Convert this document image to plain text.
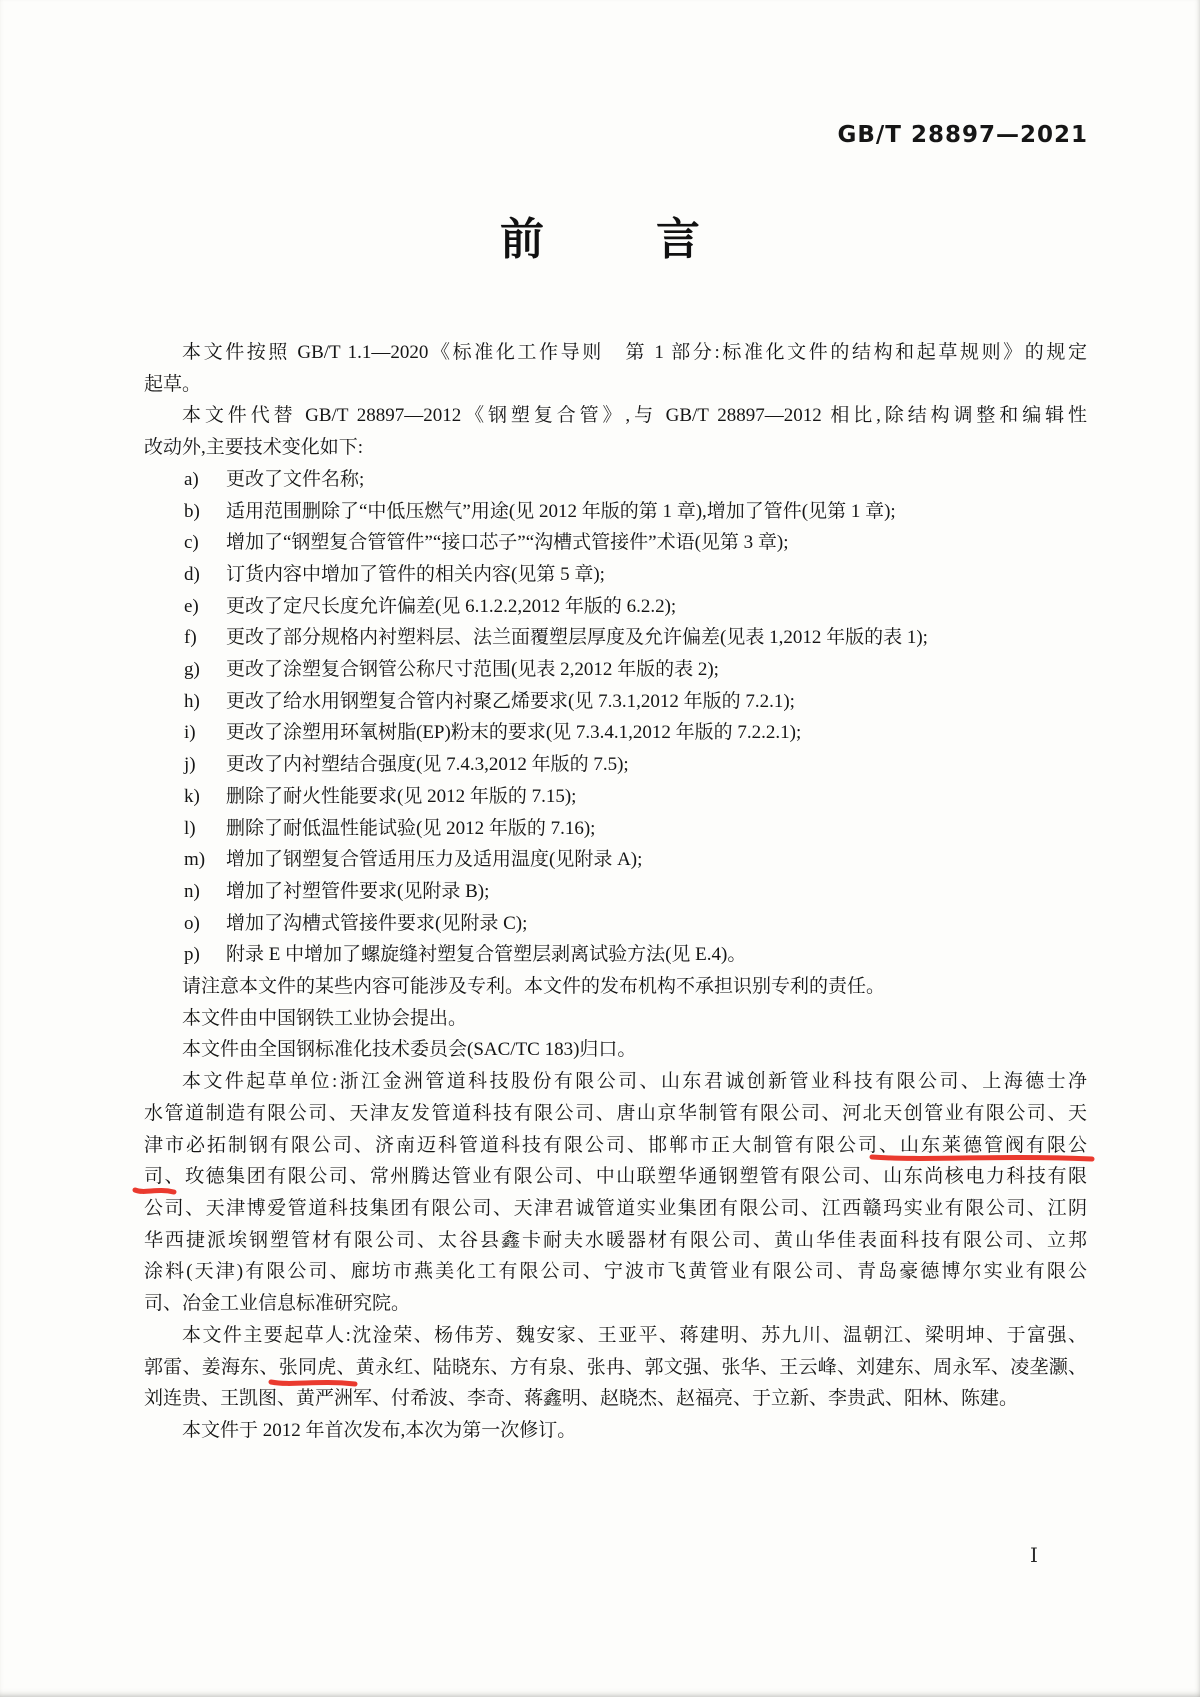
GB/T 28897—2021
前	言
本文件按照 GB/T 1.1—2020《标准化工作导则　第 1 部分:标准化文件的结构和起草规则》的规定
起草。
本文件代替 GB/T 28897—2012《钢塑复合管》,与 GB/T 28897—2012 相比,除结构调整和编辑性
改动外,主要技术变化如下:
a) 更改了文件名称;
b) 适用范围删除了“中低压燃气”用途(见 2012 年版的第 1 章),增加了管件(见第 1 章);
c) 增加了“钢塑复合管管件”“接口芯子”“沟槽式管接件”术语(见第 3 章);
d) 订货内容中增加了管件的相关内容(见第 5 章);
e) 更改了定尺长度允许偏差(见 6.1.2.2,2012 年版的 6.2.2);
f) 更改了部分规格内衬塑料层、法兰面覆塑层厚度及允许偏差(见表 1,2012 年版的表 1);
g) 更改了涂塑复合钢管公称尺寸范围(见表 2,2012 年版的表 2);
h) 更改了给水用钢塑复合管内衬聚乙烯要求(见 7.3.1,2012 年版的 7.2.1);
i) 更改了涂塑用环氧树脂(EP)粉末的要求(见 7.3.4.1,2012 年版的 7.2.2.1);
j) 更改了内衬塑结合强度(见 7.4.3,2012 年版的 7.5);
k) 删除了耐火性能要求(见 2012 年版的 7.15);
l) 删除了耐低温性能试验(见 2012 年版的 7.16);
m) 增加了钢塑复合管适用压力及适用温度(见附录 A);
n) 增加了衬塑管件要求(见附录 B);
o) 增加了沟槽式管接件要求(见附录 C);
p) 附录 E 中增加了螺旋缝衬塑复合管塑层剥离试验方法(见 E.4)。
请注意本文件的某些内容可能涉及专利。本文件的发布机构不承担识别专利的责任。
本文件由中国钢铁工业协会提出。
本文件由全国钢标准化技术委员会(SAC/TC 183)归口。
本文件起草单位:浙江金洲管道科技股份有限公司、山东君诚创新管业科技有限公司、上海德士净
水管道制造有限公司、天津友发管道科技有限公司、唐山京华制管有限公司、河北天创管业有限公司、天
津市必拓制钢有限公司、济南迈科管道科技有限公司、邯郸市正大制管有限公司、山东莱德管阀有限公
司、玫德集团有限公司、常州腾达管业有限公司、中山联塑华通钢塑管有限公司、山东尚核电力科技有限
公司、天津博爱管道科技集团有限公司、天津君诚管道实业集团有限公司、江西赣玛实业有限公司、江阴
华西捷派埃钢塑管材有限公司、太谷县鑫卡耐夫水暖器材有限公司、黄山华佳表面科技有限公司、立邦
涂料(天津)有限公司、廊坊市燕美化工有限公司、宁波市飞黄管业有限公司、青岛豪德博尔实业有限公
司、冶金工业信息标准研究院。
本文件主要起草人:沈淦荣、杨伟芳、魏安家、王亚平、蒋建明、苏九川、温朝江、梁明坤、于富强、
郭雷、姜海东、张同虎、黄永红、陆晓东、方有泉、张冉、郭文强、张华、王云峰、刘建东、周永军、凌垄灏、
刘连贵、王凯图、黄严洲军、付希波、李奇、蒋鑫明、赵晓杰、赵福亮、于立新、李贵武、阳林、陈建。
本文件于 2012 年首次发布,本次为第一次修订。
Ⅰ
